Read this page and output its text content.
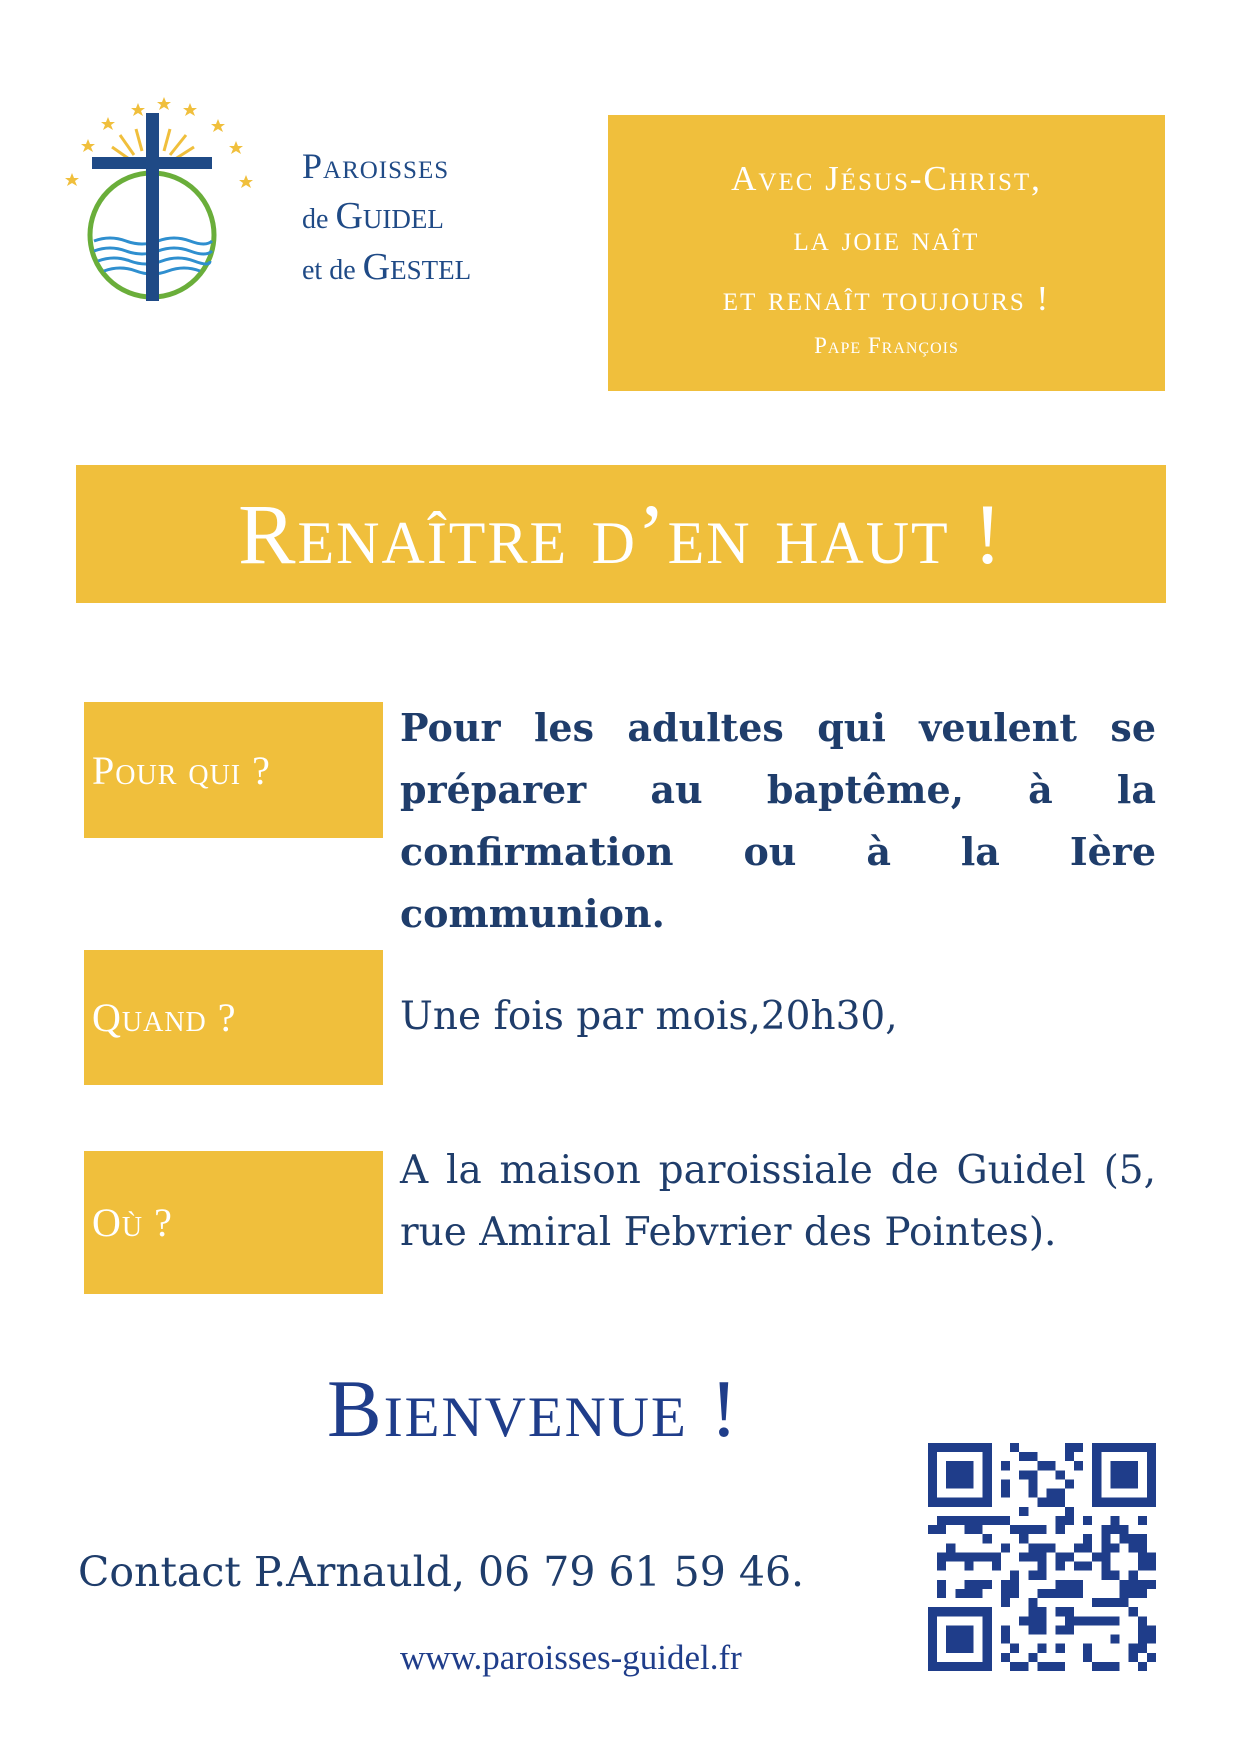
Paroisses
de Guidel
et de Gestel
Avec Jésus-Christ,
la joie naît
et renaît toujours !
Pape François
Renaître d’en haut !
Pour qui ?
Pour les adultes qui veulent se préparer au baptême, à la confirmation ou à la Ière communion.
Quand ?	Une fois par mois,20h30,
Où ?
A la maison paroissiale de Guidel (5, rue Amiral Febvrier des Pointes).
Bienvenue !
Contact P.Arnauld, 06 79 61 59 46.
www.paroisses-guidel.fr
